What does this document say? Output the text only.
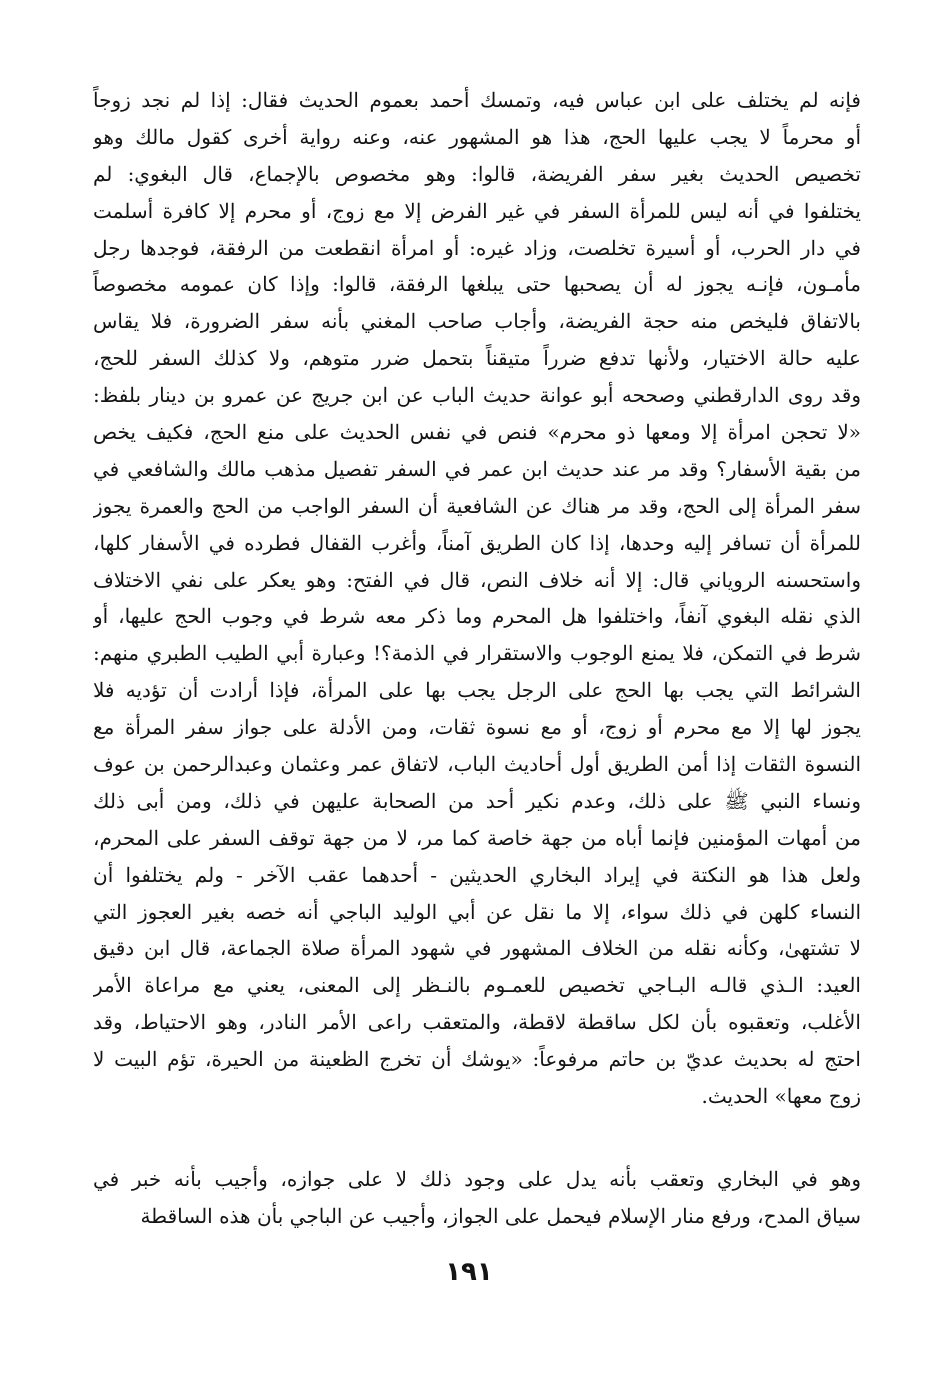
فإنه لم يختلف على ابن عباس فيه، وتمسك أحمد بعموم الحديث فقال: إذا لم نجد زوجاً
أو محرماً لا يجب عليها الحج، هذا هو المشهور عنه، وعنه رواية أخرى كقول مالك وهو
تخصيص الحديث بغير سفر الفريضة، قالوا: وهو مخصوص بالإجماع، قال البغوي: لم
يختلفوا في أنه ليس للمرأة السفر في غير الفرض إلا مع زوج، أو محرم إلا كافرة أسلمت
في دار الحرب، أو أسيرة تخلصت، وزاد غيره: أو امرأة انقطعت من الرفقة، فوجدها رجل
مأمـون، فإنـه يجوز له أن يصحبها حتى يبلغها الرفقة، قالوا: وإذا كان عمومه مخصوصاً
بالاتفاق فليخص منه حجة الفريضة، وأجاب صاحب المغني بأنه سفر الضرورة، فلا يقاس
عليه حالة الاختيار، ولأنها تدفع ضرراً متيقناً بتحمل ضرر متوهم، ولا كذلك السفر للحج،
وقد روى الدارقطني وصححه أبو عوانة حديث الباب عن ابن جريج عن عمرو بن دينار بلفظ:
«لا تحجن امرأة إلا ومعها ذو محرم» فنص في نفس الحديث على منع الحج، فكيف يخص
من بقية الأسفار؟ وقد مر عند حديث ابن عمر في السفر تفصيل مذهب مالك والشافعي في
سفر المرأة إلى الحج، وقد مر هناك عن الشافعية أن السفر الواجب من الحج والعمرة يجوز
للمرأة أن تسافر إليه وحدها، إذا كان الطريق آمناً، وأغرب القفال فطرده في الأسفار كلها،
واستحسنه الروياني قال: إلا أنه خلاف النص، قال في الفتح: وهو يعكر على نفي الاختلاف
الذي نقله البغوي آنفاً، واختلفوا هل المحرم وما ذكر معه شرط في وجوب الحج عليها، أو
شرط في التمكن، فلا يمنع الوجوب والاستقرار في الذمة؟! وعبارة أبي الطيب الطبري منهم:
الشرائط التي يجب بها الحج على الرجل يجب بها على المرأة، فإذا أرادت أن تؤديه فلا
يجوز لها إلا مع محرم أو زوج، أو مع نسوة ثقات، ومن الأدلة على جواز سفر المرأة مع
النسوة الثقات إذا أمن الطريق أول أحاديث الباب، لاتفاق عمر وعثمان وعبدالرحمن بن عوف
ونساء النبي ﷺ على ذلك، وعدم نكير أحد من الصحابة عليهن في ذلك، ومن أبى ذلك
من أمهات المؤمنين فإنما أباه من جهة خاصة كما مر، لا من جهة توقف السفر على المحرم،
ولعل هذا هو النكتة في إيراد البخاري الحديثين - أحدهما عقب الآخر - ولم يختلفوا أن
النساء كلهن في ذلك سواء، إلا ما نقل عن أبي الوليد الباجي أنه خصه بغير العجوز التي
لا تشتهىٰ، وكأنه نقله من الخلاف المشهور في شهود المرأة صلاة الجماعة، قال ابن دقيق
العيد: الـذي قالـه البـاجي تخصيص للعمـوم بالنـظر إلى المعنى، يعني مع مراعاة الأمر
الأغلب، وتعقبوه بأن لكل ساقطة لاقطة، والمتعقب راعى الأمر النادر، وهو الاحتياط، وقد
احتج له بحديث عديّ بن حاتم مرفوعاً: «يوشك أن تخرج الظعينة من الحيرة، تؤم البيت لا
زوج معها» الحديث.
وهو في البخاري وتعقب بأنه يدل على وجود ذلك لا على جوازه، وأجيب بأنه خبر في
سياق المدح، ورفع منار الإسلام فيحمل على الجواز، وأجيب عن الباجي بأن هذه الساقطة
١٩١
